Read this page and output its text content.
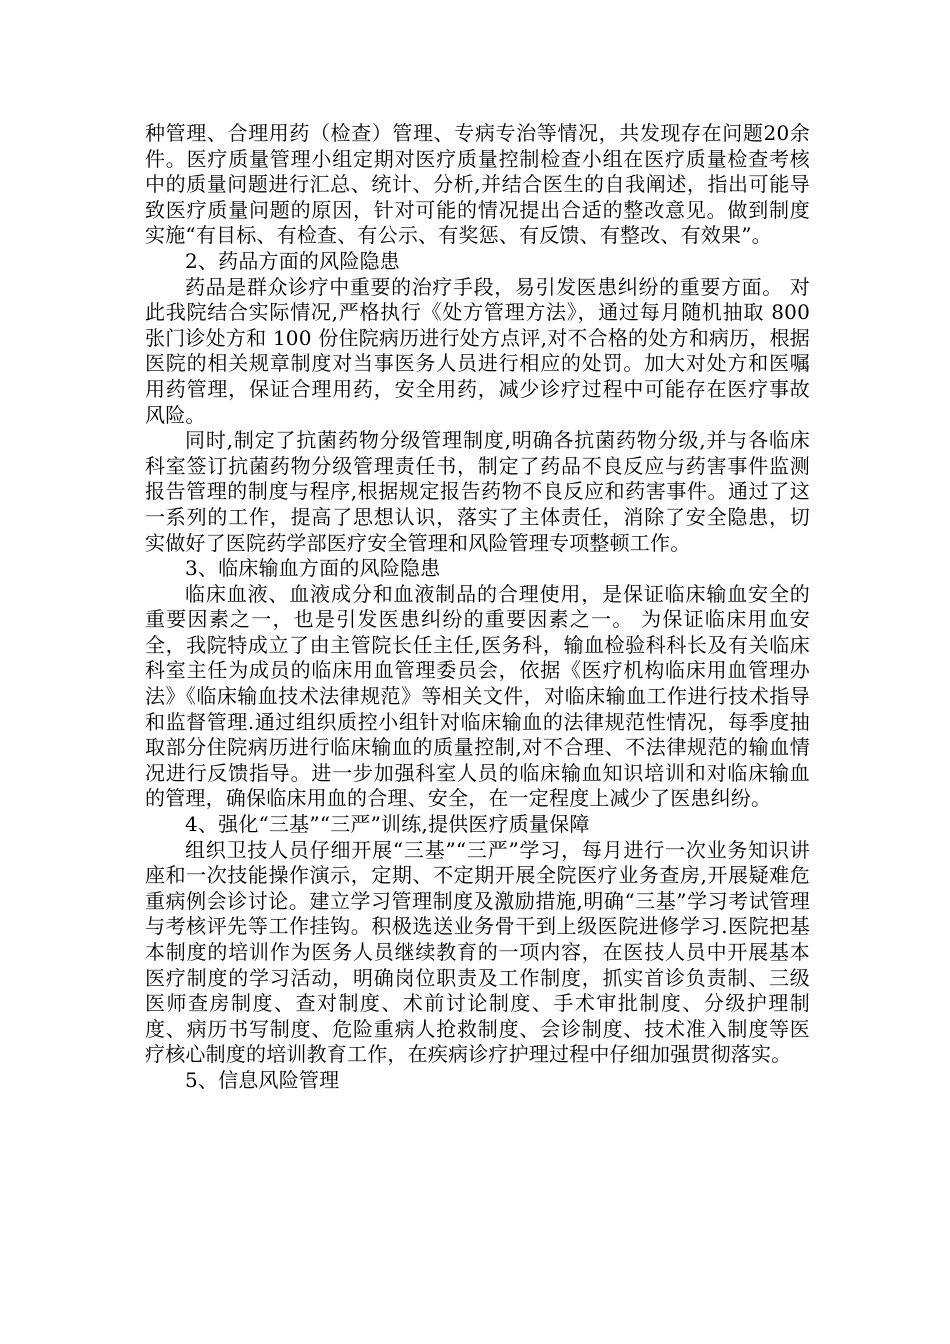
种管理、合理用药（检查）管理、专病专治等情况，共发现存在问题20余件。医疗质量管理小组定期对医疗质量控制检查小组在医疗质量检查考核中的质量问题进行汇总、统计、分析,并结合医生的自我阐述，指出可能导致医疗质量问题的原因，针对可能的情况提出合适的整改意见。做到制度实施“有目标、有检查、有公示、有奖惩、有反馈、有整改、有效果”。

2、药品方面的风险隐患

药品是群众诊疗中重要的治疗手段，易引发医患纠纷的重要方面。 对此我院结合实际情况,严格执行《处方管理方法》，通过每月随机抽取 800张门诊处方和 100 份住院病历进行处方点评,对不合格的处方和病历，根据医院的相关规章制度对当事医务人员进行相应的处罚。加大对处方和医嘱用药管理，保证合理用药，安全用药，减少诊疗过程中可能存在医疗事故风险。

同时,制定了抗菌药物分级管理制度,明确各抗菌药物分级,并与各临床科室签订抗菌药物分级管理责任书，制定了药品不良反应与药害事件监测报告管理的制度与程序,根据规定报告药物不良反应和药害事件。通过了这一系列的工作，提高了思想认识，落实了主体责任，消除了安全隐患，切实做好了医院药学部医疗安全管理和风险管理专项整顿工作。

3、临床输血方面的风险隐患

临床血液、血液成分和血液制品的合理使用，是保证临床输血安全的重要因素之一，也是引发医患纠纷的重要因素之一。 为保证临床用血安全，我院特成立了由主管院长任主任,医务科，输血检验科科长及有关临床科室主任为成员的临床用血管理委员会，依据《医疗机构临床用血管理办法》《临床输血技术法律规范》等相关文件，对临床输血工作进行技术指导和监督管理.通过组织质控小组针对临床输血的法律规范性情况，每季度抽取部分住院病历进行临床输血的质量控制,对不合理、不法律规范的输血情况进行反馈指导。进一步加强科室人员的临床输血知识培训和对临床输血的管理，确保临床用血的合理、安全，在一定程度上减少了医患纠纷。

4、强化“三基”“三严”训练,提供医疗质量保障

组织卫技人员仔细开展“三基”“三严”学习，每月进行一次业务知识讲座和一次技能操作演示，定期、不定期开展全院医疗业务查房,开展疑难危重病例会诊讨论。建立学习管理制度及激励措施,明确“三基”学习考试管理与考核评先等工作挂钩。积极选送业务骨干到上级医院进修学习.医院把基本制度的培训作为医务人员继续教育的一项内容，在医技人员中开展基本医疗制度的学习活动，明确岗位职责及工作制度，抓实首诊负责制、三级医师查房制度、查对制度、术前讨论制度、手术审批制度、分级护理制度、病历书写制度、危险重病人抢救制度、会诊制度、技术准入制度等医疗核心制度的培训教育工作，在疾病诊疗护理过程中仔细加强贯彻落实。

5、信息风险管理
